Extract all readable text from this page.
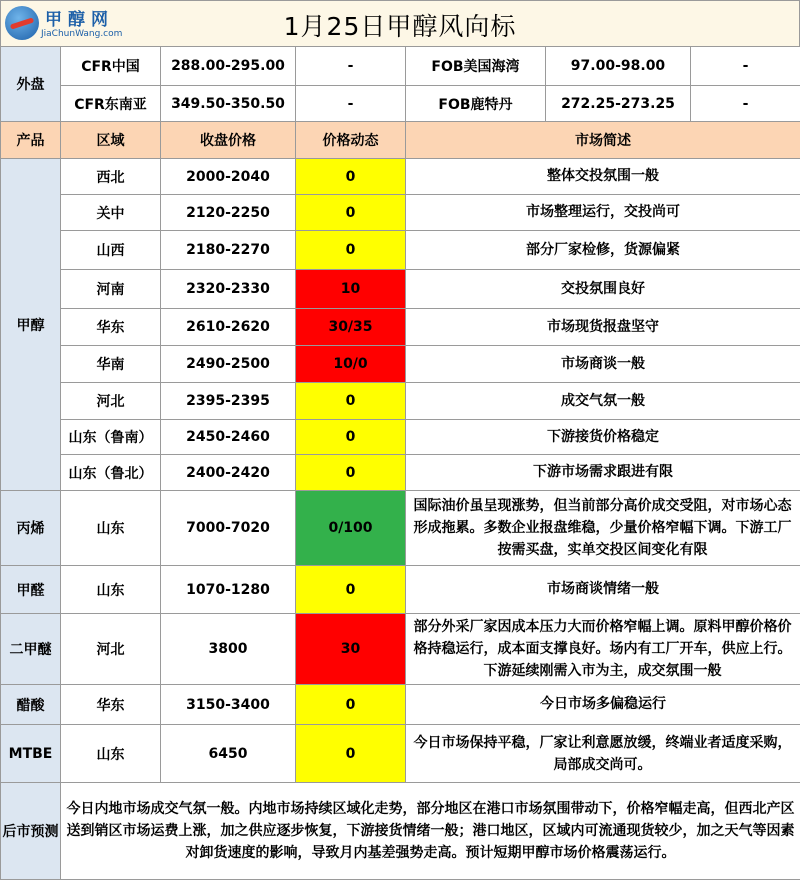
甲醇网
JiaChunWang.com	1月25日甲醇风向标
外盘	CFR中国	288.00-295.00	-	FOB美国海湾	97.00-98.00	-
	CFR东南亚	349.50-350.50	-	FOB鹿特丹	272.25-273.25	-
产品	区域	收盘价格	价格动态	市场简述		
甲醇	西北	2000-2040	0	整体交投氛围一般		
	关中	2120-2250	0	市场整理运行，交投尚可		
	山西	2180-2270	0	部分厂家检修，货源偏紧		
	河南	2320-2330	10	交投氛围良好		
	华东	2610-2620	30/35	市场现货报盘坚守		
	华南	2490-2500	10/0	市场商谈一般		
	河北	2395-2395	0	成交气氛一般		
	山东（鲁南）	2450-2460	0	下游接货价格稳定		
	山东（鲁北）	2400-2420	0	下游市场需求跟进有限		
丙烯	山东	7000-7020	0/100	国际油价虽呈现涨势，但当前部分高价成交受阻，对市场心态形成拖累。多数企业报盘维稳，少量价格窄幅下调。下游工厂按需买盘，实单交投区间变化有限		
甲醛	山东	1070-1280	0	市场商谈情绪一般		
二甲醚	河北	3800	30	部分外采厂家因成本压力大而价格窄幅上调。原料甲醇价格价格持稳运行，成本面支撑良好。场内有工厂开车，供应上行。下游延续刚需入市为主，成交氛围一般		
醋酸	华东	3150-3400	0	今日市场多偏稳运行		
MTBE	山东	6450	0	今日市场保持平稳，厂家让利意愿放缓，终端业者适度采购，局部成交尚可。		
后市预测	今日内地市场成交气氛一般。内地市场持续区域化走势，部分地区在港口市场氛围带动下，价格窄幅走高，但西北产区送到销区市场运费上涨，加之供应逐步恢复，下游接货情绪一般；港口地区，区域内可流通现货较少，加之天气等因素对卸货速度的影响，导致月内基差强势走高。预计短期甲醇市场价格震荡运行。					
